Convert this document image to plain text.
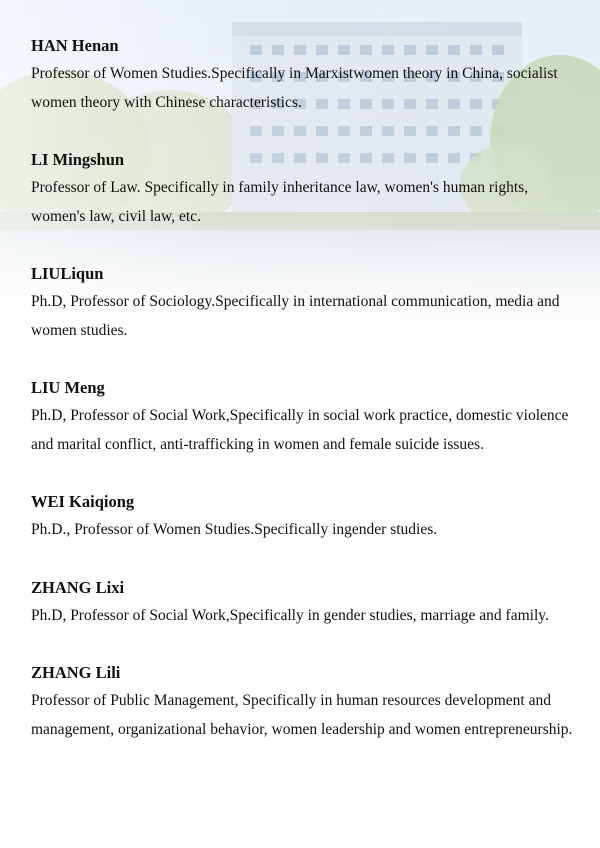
HAN Henan

Professor of Women Studies.Specifically in Marxistwomen theory in China, socialist women theory with Chinese characteristics.

LI Mingshun

Professor of Law. Specifically in family inheritance law, women's human rights, women's law, civil law, etc.

LIULiqun

Ph.D, Professor of Sociology.Specifically in international communication, media and women studies.

LIU Meng

Ph.D, Professor of Social Work,Specifically in social work practice, domestic violence and marital conflict, anti-trafficking in women and female suicide issues.

WEI Kaiqiong

Ph.D., Professor of Women Studies.Specifically ingender studies.

ZHANG Lixi

Ph.D, Professor of Social Work,Specifically in gender studies, marriage and family.

ZHANG Lili

Professor of Public Management, Specifically in human resources development and management, organizational behavior, women leadership and women entrepreneurship.
